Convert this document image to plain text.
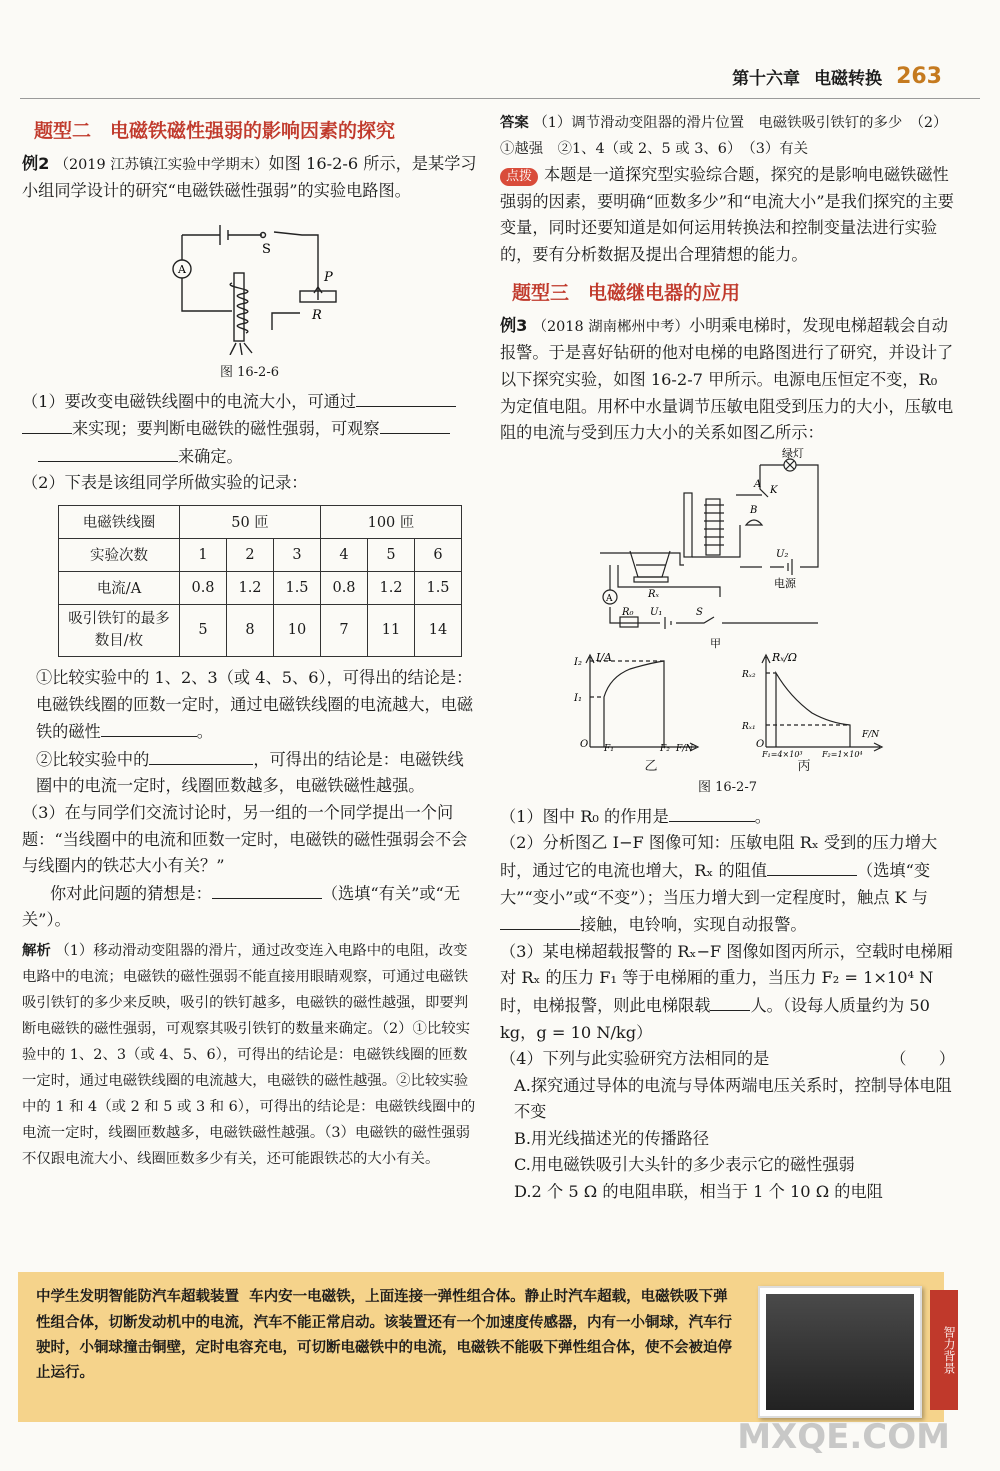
第十六章 电磁转换 263
题型二　电磁铁磁性强弱的影响因素的探究

例2 （2019 江苏镇江实验中学期末）如图 16-2-6 所示，是某学习小组同学设计的研究“电磁铁磁性强弱”的实验电路图。

A
S
P
R
图 16-2-6

（1）要改变电磁铁线圈中的电流大小，可通过
来实现；要判断电磁铁的磁性强弱，可观察
来确定。

（2）下表是该组同学所做实验的记录：

电磁铁线圈	50 匝			100 匝		
实验次数	1	2	3	4	5	6
电流/A	0.8	1.2	1.5	0.8	1.2	1.5
吸引铁钉的最多数目/枚	5	8	10	7	11	14

①比较实验中的 1、2、3（或 4、5、6），可得出的结论是：电磁铁线圈的匝数一定时，通过电磁铁线圈的电流越大，电磁铁的磁性	。

②比较实验中的	，可得出的结论是：电磁铁线圈中的电流一定时，线圈匝数越多，电磁铁磁性越强。

（3）在与同学们交流讨论时，另一组的一个同学提出一个问题：“当线圈中的电流和匝数一定时，电磁铁的磁性强弱会不会与线圈内的铁芯大小有关？”
你对此问题的猜想是：	（选填“有关”或“无关”）。

解析 （1）移动滑动变阻器的滑片，通过改变连入电路中的电阻，改变电路中的电流；电磁铁的磁性强弱不能直接用眼睛观察，可通过电磁铁吸引铁钉的多少来反映，吸引的铁钉越多，电磁铁的磁性越强，即要判断电磁铁的磁性强弱，可观察其吸引铁钉的数量来确定。（2）①比较实验中的 1、2、3（或 4、5、6），可得出的结论是：电磁铁线圈的匝数一定时，通过电磁铁线圈的电流越大，电磁铁的磁性越强。②比较实验中的 1 和 4（或 2 和 5 或 3 和 6），可得出的结论是：电磁铁线圈中的电流一定时，线圈匝数越多，电磁铁磁性越强。（3）电磁铁的磁性强弱不仅跟电流大小、线圈匝数多少有关，还可能跟铁芯的大小有关。

答案 （1）调节滑动变阻器的滑片位置　电磁铁吸引铁钉的多少　（2）①越强　②1、4（或 2、5 或 3、6）　（3）有关

点拨 本题是一道探究型实验综合题，探究的是影响电磁铁磁性强弱的因素，要明确“匝数多少”和“电流大小”是我们探究的主要变量，同时还要知道是如何运用转换法和控制变量法进行实验的，要有分析数据及提出合理猜想的能力。

题型三　电磁继电器的应用

例3 （2018 湖南郴州中考）小明乘电梯时，发现电梯超载会自动报警。于是喜好钻研的他对电梯的电路图进行了研究，并设计了以下探究实验，如图 16-2-7 甲所示。电源电压恒定不变，R₀ 为定值电阻。用杯中水量调节压敏电阻受到压力的大小，压敏电阻的电流与受到压力大小的关系如图乙所示：

绿灯
A
K
B
U₂
电源
Rₓ
A
R₀ U₁	S
甲
I/A
I₂
I₁
O F₁	F₂ F/N
Rₓ/Ω
Rₓ₂
Rₓ₁
O
F₁=4×10³ F₂=1×10⁴
F/N
乙	丙
图 16-2-7

（1）图中 R₀ 的作用是	。

（2）分析图乙 I−F 图像可知：压敏电阻 Rₓ 受到的压力增大时，通过它的电流也增大，Rₓ 的阻值	（选填“变大”“变小”或“不变”）；当压力增大到一定程度时，触点 K 与接触，电铃响，实现自动报警。

（3）某电梯超载报警的 Rₓ−F 图像如图丙所示，空载时电梯厢对 Rₓ 的压力 F₁ 等于电梯厢的重力，当压力 F₂ = 1×10⁴ N 时，电梯报警，则此电梯限载 人。（设每人质量约为 50 kg，g = 10 N/kg）

（4）下列与此实验研究方法相同的是	（　　）

A.探究通过导体的电流与导体两端电压关系时，控制导体电阻不变

B.用光线描述光的传播路径

C.用电磁铁吸引大头针的多少表示它的磁性强弱

D.2 个 5 Ω 的电阻串联，相当于 1 个 10 Ω 的电阻

中学生发明智能防汽车超载装置 车内安一电磁铁，上面连接一弹性组合体。静止时汽车超载，电磁铁吸下弹性组合体，切断发动机中的电流，汽车不能正常启动。该装置还有一个加速度传感器，内有一小铜球，汽车行驶时，小铜球撞击铜壁，定时电容充电，可切断电磁铁中的电流，电磁铁不能吸下弹性组合体，使不会被迫停止运行。	智力背景
MXQE.COM
